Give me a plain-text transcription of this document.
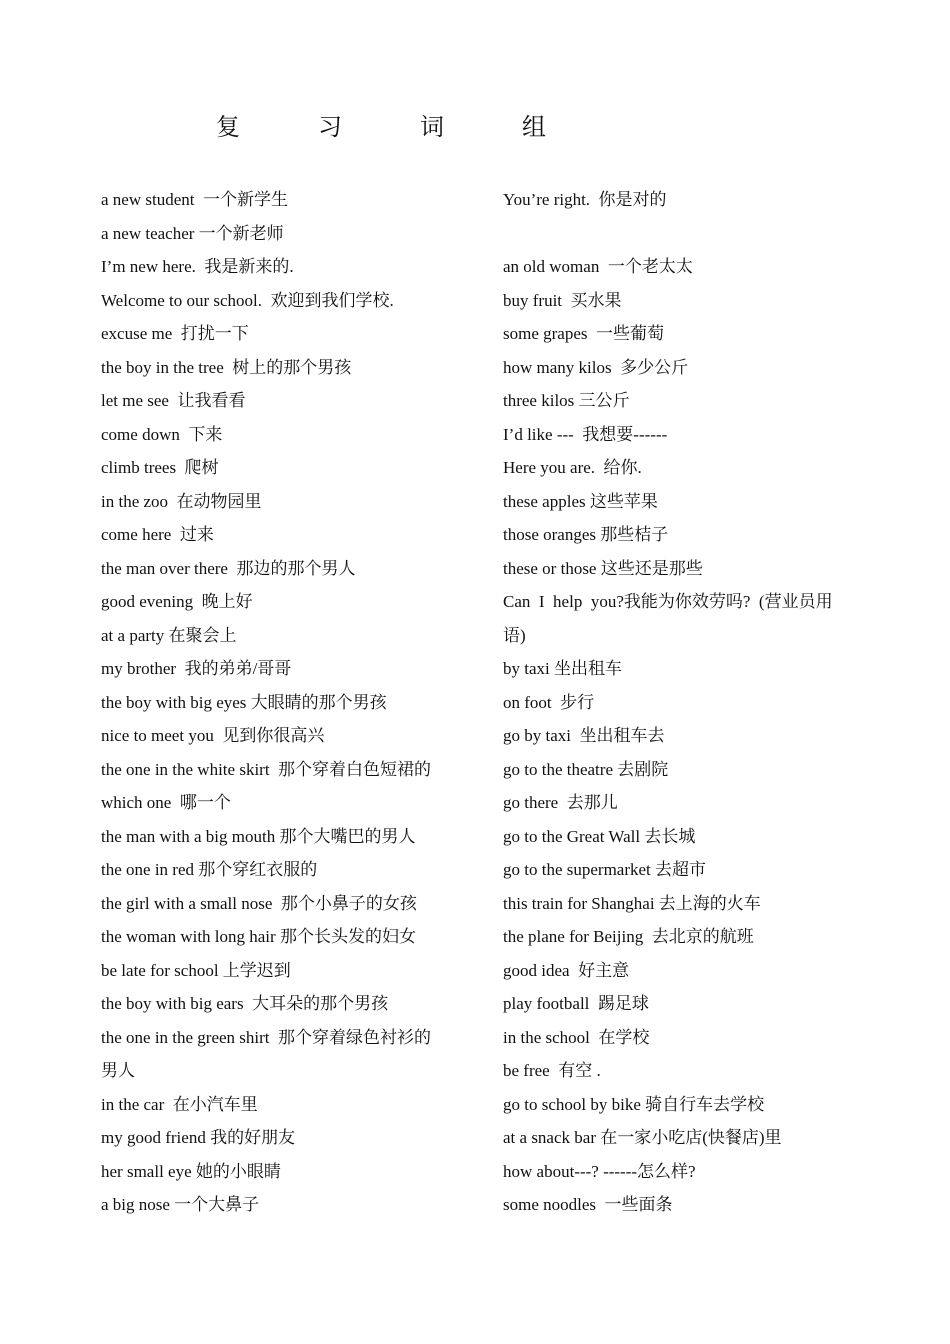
复 习 词 组
a new student  一个新学生
a new teacher 一个新老师
I’m new here.  我是新来的.
Welcome to our school.  欢迎到我们学校.
excuse me  打扰一下
the boy in the tree  树上的那个男孩
let me see  让我看看
come down  下来
climb trees  爬树
in the zoo  在动物园里
come here  过来
the man over there  那边的那个男人
good evening  晚上好
at a party 在聚会上
my brother  我的弟弟/哥哥
the boy with big eyes 大眼睛的那个男孩
nice to meet you  见到你很高兴
the one in the white skirt  那个穿着白色短裙的
which one  哪一个
the man with a big mouth 那个大嘴巴的男人
the one in red 那个穿红衣服的
the girl with a small nose  那个小鼻子的女孩
the woman with long hair 那个长头发的妇女
be late for school 上学迟到
the boy with big ears  大耳朵的那个男孩
the one in the green shirt  那个穿着绿色衬衫的
男人
in the car  在小汽车里
my good friend 我的好朋友
her small eye 她的小眼睛
a big nose 一个大鼻子
You’re right.  你是对的
an old woman  一个老太太
buy fruit  买水果
some grapes  一些葡萄
how many kilos  多少公斤
three kilos 三公斤
I’d like ---  我想要------
Here you are.  给你.
these apples 这些苹果
those oranges 那些桔子
these or those 这些还是那些
Can  I  help  you?我能为你效劳吗?  (营业员用
语)
by taxi 坐出租车
on foot  步行
go by taxi  坐出租车去
go to the theatre 去剧院
go there  去那儿
go to the Great Wall 去长城
go to the supermarket 去超市
this train for Shanghai 去上海的火车
the plane for Beijing  去北京的航班
good idea  好主意
play football  踢足球
in the school  在学校
be free  有空 .
go to school by bike 骑自行车去学校
at a snack bar 在一家小吃店(快餐店)里
how about---? ------怎么样?
some noodles  一些面条
